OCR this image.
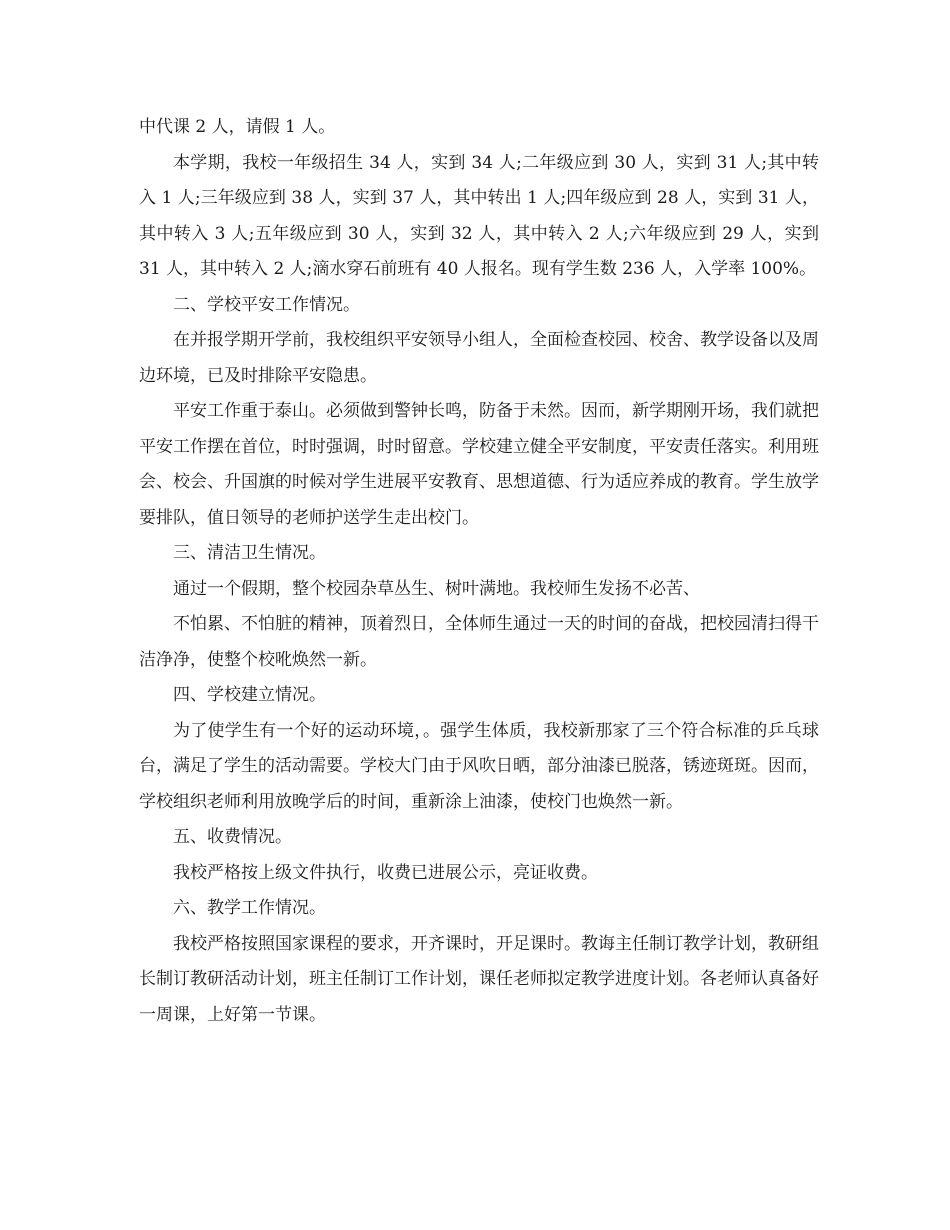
中代课 2 人，请假 1 人。

本学期，我校一年级招生 34 人，实到 34 人;二年级应到 30 人，实到 31 人;其中转入 1 人;三年级应到 38 人，实到 37 人，其中转出 1 人;四年级应到 28 人，实到 31 人，其中转入 3 人;五年级应到 30 人，实到 32 人，其中转入 2 人;六年级应到 29 人，实到 31 人，其中转入 2 人;滴水穿石前班有 40 人报名。现有学生数 236 人，入学率 100%。

二、学校平安工作情况。

在并报学期开学前，我校组织平安领导小组人，全面检查校园、校舍、教学设备以及周边环境，已及时排除平安隐患。

平安工作重于泰山。必须做到警钟长鸣，防备于未然。因而，新学期刚开场，我们就把平安工作摆在首位，时时强调，时时留意。学校建立健全平安制度，平安责任落实。利用班会、校会、升国旗的时候对学生进展平安教育、思想道德、行为适应养成的教育。学生放学要排队，值日领导的老师护送学生走出校门。

三、清洁卫生情况。

通过一个假期，整个校园杂草丛生、树叶满地。我校师生发扬不必苦、

不怕累、不怕脏的精神，顶着烈日，全体师生通过一天的时间的奋战，把校园清扫得干洁净净，使整个校吪焕然一新。

四、学校建立情况。

为了使学生有一个好的运动环境，。强学生体质，我校新那家了三个符合标准的乒乓球台，满足了学生的活动需要。学校大门由于风吹日晒，部分油漆已脱落，锈迹斑斑。因而，学校组织老师利用放晚学后的时间，重新涂上油漆，使校门也焕然一新。

五、收费情况。

我校严格按上级文件执行，收费已进展公示，亮证收费。

六、教学工作情况。

我校严格按照国家课程的要求，开齐课时，开足课时。教诲主任制订教学计划，教研组长制订教研活动计划，班主任制订工作计划，课任老师拟定教学进度计划。各老师认真备好一周课，上好第一节课。
